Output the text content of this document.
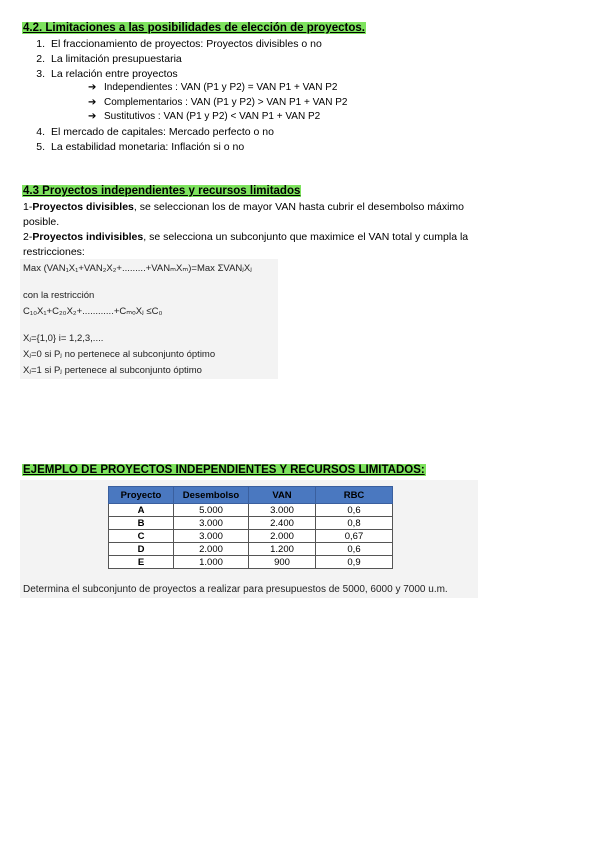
4.2. Limitaciones a las posibilidades de elección de proyectos.
1. El fraccionamiento de proyectos: Proyectos divisibles o no
2. La limitación presupuestaria
3. La relación entre proyectos
➔ Independientes : VAN (P1 y P2) = VAN P1 + VAN P2
➔ Complementarios : VAN (P1 y P2) > VAN P1 + VAN P2
➔ Sustitutivos : VAN (P1 y P2) < VAN P1 + VAN P2
4. El mercado de capitales: Mercado perfecto o no
5. La estabilidad monetaria: Inflación si o no
4.3 Proyectos independientes y recursos limitados
1-Proyectos divisibles, se seleccionan los de mayor VAN hasta cubrir el desembolso máximo posible.
2-Proyectos indivisibles, se selecciona un subconjunto que maximice el VAN total y cumpla la restricciones:
Max (VAN₁X₁+VAN₂X₂+.........+VANₘXₘ)=Max ΣVANⱼXⱼ
con la restricción
C₁₀X₁+C₂₀X₂+............+CₘₒXⱼ ≤C₀
Xⱼ={1,0} i= 1,2,3,....
Xⱼ=0 si Pⱼ no pertenece al subconjunto óptimo
Xⱼ=1 si Pⱼ pertenece al subconjunto óptimo
EJEMPLO DE PROYECTOS INDEPENDIENTES Y RECURSOS LIMITADOS:
Proyecto	Desembolso	VAN	RBC
A	5.000	3.000	0,6
B	3.000	2.400	0,8
C	3.000	2.000	0,67
D	2.000	1.200	0,6
E	1.000	900	0,9
Determina el subconjunto de proyectos a realizar para presupuestos de 5000, 6000 y 7000 u.m.
